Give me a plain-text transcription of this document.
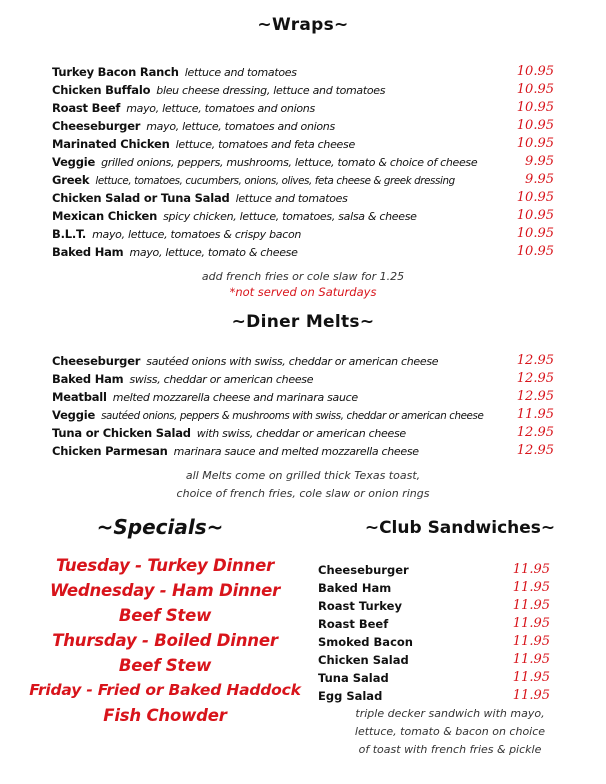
~Wraps~
Turkey Bacon Ranch lettuce and tomatoes	10.95
Chicken Buffalo bleu cheese dressing, lettuce and tomatoes	10.95
Roast Beef mayo, lettuce, tomatoes and onions	10.95
Cheeseburger mayo, lettuce, tomatoes and onions	10.95
Marinated Chicken lettuce, tomatoes and feta cheese	10.95
Veggie grilled onions, peppers, mushrooms, lettuce, tomato & choice of cheese	9.95
Greek lettuce, tomatoes, cucumbers, onions, olives, feta cheese & greek dressing	9.95
Chicken Salad or Tuna Salad lettuce and tomatoes	10.95
Mexican Chicken spicy chicken, lettuce, tomatoes, salsa & cheese	10.95
B.L.T. mayo, lettuce, tomatoes & crispy bacon	10.95
Baked Ham mayo, lettuce, tomato & cheese	10.95
add french fries or cole slaw for 1.25
*not served on Saturdays
~Diner Melts~
Cheeseburger sautéed onions with swiss, cheddar or american cheese	12.95
Baked Ham swiss, cheddar or american cheese	12.95
Meatball melted mozzarella cheese and marinara sauce	12.95
Veggie sautéed onions, peppers & mushrooms with swiss, cheddar or american cheese	11.95
Tuna or Chicken Salad with swiss, cheddar or american cheese	12.95
Chicken Parmesan marinara sauce and melted mozzarella cheese	12.95
all Melts come on grilled thick Texas toast,
choice of french fries, cole slaw or onion rings
~Specials~
Tuesday - Turkey Dinner
Wednesday - Ham Dinner
Beef Stew
Thursday - Boiled Dinner
Beef Stew
Friday - Fried or Baked Haddock
Fish Chowder
~Club Sandwiches~
Cheeseburger	11.95
Baked Ham	11.95
Roast Turkey	11.95
Roast Beef	11.95
Smoked Bacon	11.95
Chicken Salad	11.95
Tuna Salad	11.95
Egg Salad	11.95
triple decker sandwich with mayo,
lettuce, tomato & bacon on choice
of toast with french fries & pickle
